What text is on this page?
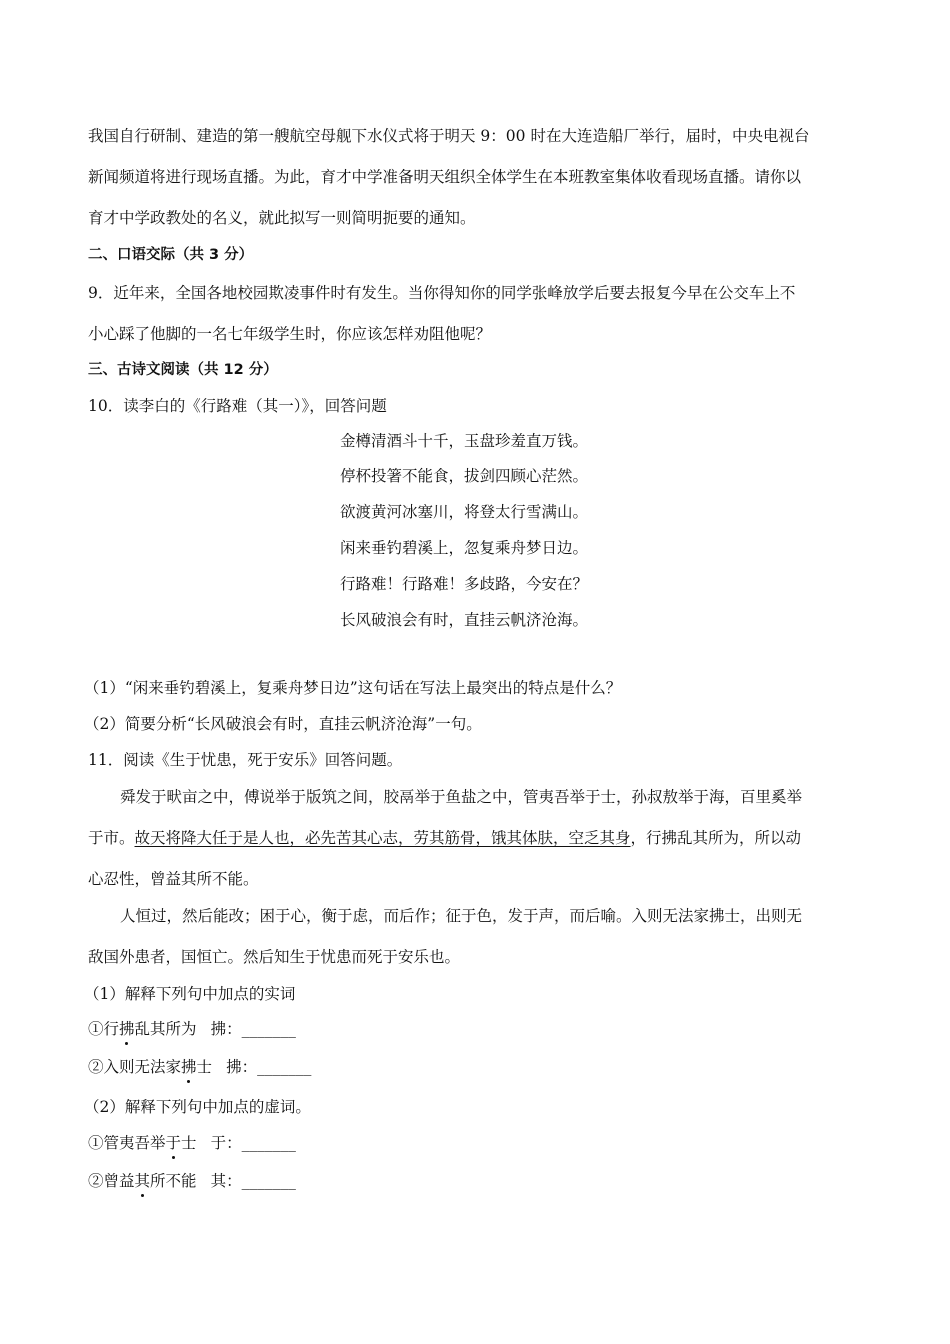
我国自行研制、建造的第一艘航空母舰下水仪式将于明天 9：00 时在大连造船厂举行，届时，中央电视台
新闻频道将进行现场直播。为此，育才中学准备明天组织全体学生在本班教室集体收看现场直播。请你以
育才中学政教处的名义，就此拟写一则简明扼要的通知。
二、口语交际（共 3 分）
9．近年来，全国各地校园欺凌事件时有发生。当你得知你的同学张峰放学后要去报复今早在公交车上不
小心踩了他脚的一名七年级学生时，你应该怎样劝阻他呢？
三、古诗文阅读（共 12 分）
10．读李白的《行路难（其一）》，回答问题
金樽清酒斗十千，玉盘珍羞直万钱。
停杯投箸不能食，拔剑四顾心茫然。
欲渡黄河冰塞川，将登太行雪满山。
闲来垂钓碧溪上，忽复乘舟梦日边。
行路难！行路难！多歧路，今安在？
长风破浪会有时，直挂云帆济沧海。
（1）“闲来垂钓碧溪上，复乘舟梦日边”这句话在写法上最突出的特点是什么？
（2）简要分析“长风破浪会有时，直挂云帆济沧海”一句。
11．阅读《生于忧患，死于安乐》回答问题。
舜发于畎亩之中，傅说举于版筑之间，胶鬲举于鱼盐之中，管夷吾举于士，孙叔敖举于海，百里奚举
于市。故天将降大任于是人也，必先苦其心志，劳其筋骨，饿其体肤，空乏其身，行拂乱其所为，所以动
心忍性，曾益其所不能。
人恒过，然后能改；困于心，衡于虑，而后作；征于色，发于声，而后喻。入则无法家拂士，出则无
敌国外患者，国恒亡。然后知生于忧患而死于安乐也。
（1）解释下列句中加点的实词
①行拂乱其所为 拂：_______
②入则无法家拂士 拂：_______
（2）解释下列句中加点的虚词。
①管夷吾举于士 于：_______
②曾益其所不能 其：_______
